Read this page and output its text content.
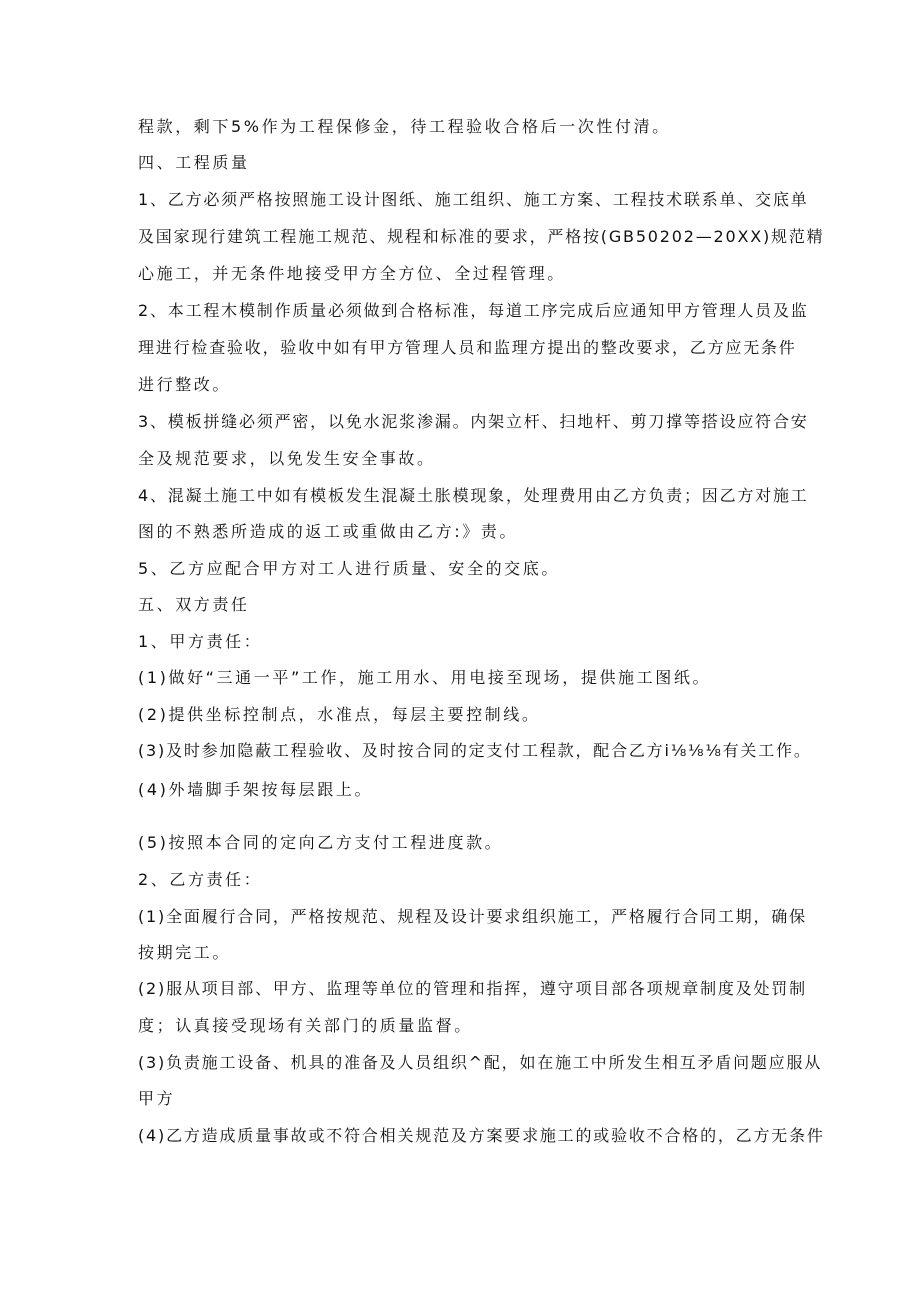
程款，剩下5%作为工程保修金，待工程验收合格后一次性付清。
四、工程质量
1、乙方必须严格按照施工设计图纸、施工组织、施工方案、工程技术联系单、交底单
及国家现行建筑工程施工规范、规程和标准的要求，严格按(GB50202—20XX)规范精
心施工，并无条件地接受甲方全方位、全过程管理。
2、本工程木模制作质量必须做到合格标准，每道工序完成后应通知甲方管理人员及监
理进行检查验收，验收中如有甲方管理人员和监理方提出的整改要求，乙方应无条件
进行整改。
3、模板拼缝必须严密，以免水泥浆渗漏。内架立杆、扫地杆、剪刀撑等搭设应符合安
全及规范要求，以免发生安全事故。
4、混凝土施工中如有模板发生混凝土胀模现象，处理费用由乙方负责；因乙方对施工
图的不熟悉所造成的返工或重做由乙方:》责。
5、乙方应配合甲方对工人进行质量、安全的交底。
五、双方责任
1、甲方责任：
(1)做好“三通一平”工作，施工用水、用电接至现场，提供施工图纸。
(2)提供坐标控制点，水准点，每层主要控制线。
(3)及时参加隐蔽工程验收、及时按合同的定支付工程款，配合乙方i⅛⅛⅛有关工作。
(4)外墙脚手架按每层跟上。
(5)按照本合同的定向乙方支付工程进度款。
2、乙方责任：
(1)全面履行合同，严格按规范、规程及设计要求组织施工，严格履行合同工期，确保
按期完工。
(2)服从项目部、甲方、监理等单位的管理和指挥，遵守项目部各项规章制度及处罚制
度；认真接受现场有关部门的质量监督。
(3)负责施工设备、机具的准备及人员组织^配，如在施工中所发生相互矛盾问题应服从
甲方
(4)乙方造成质量事故或不符合相关规范及方案要求施工的或验收不合格的，乙方无条件
